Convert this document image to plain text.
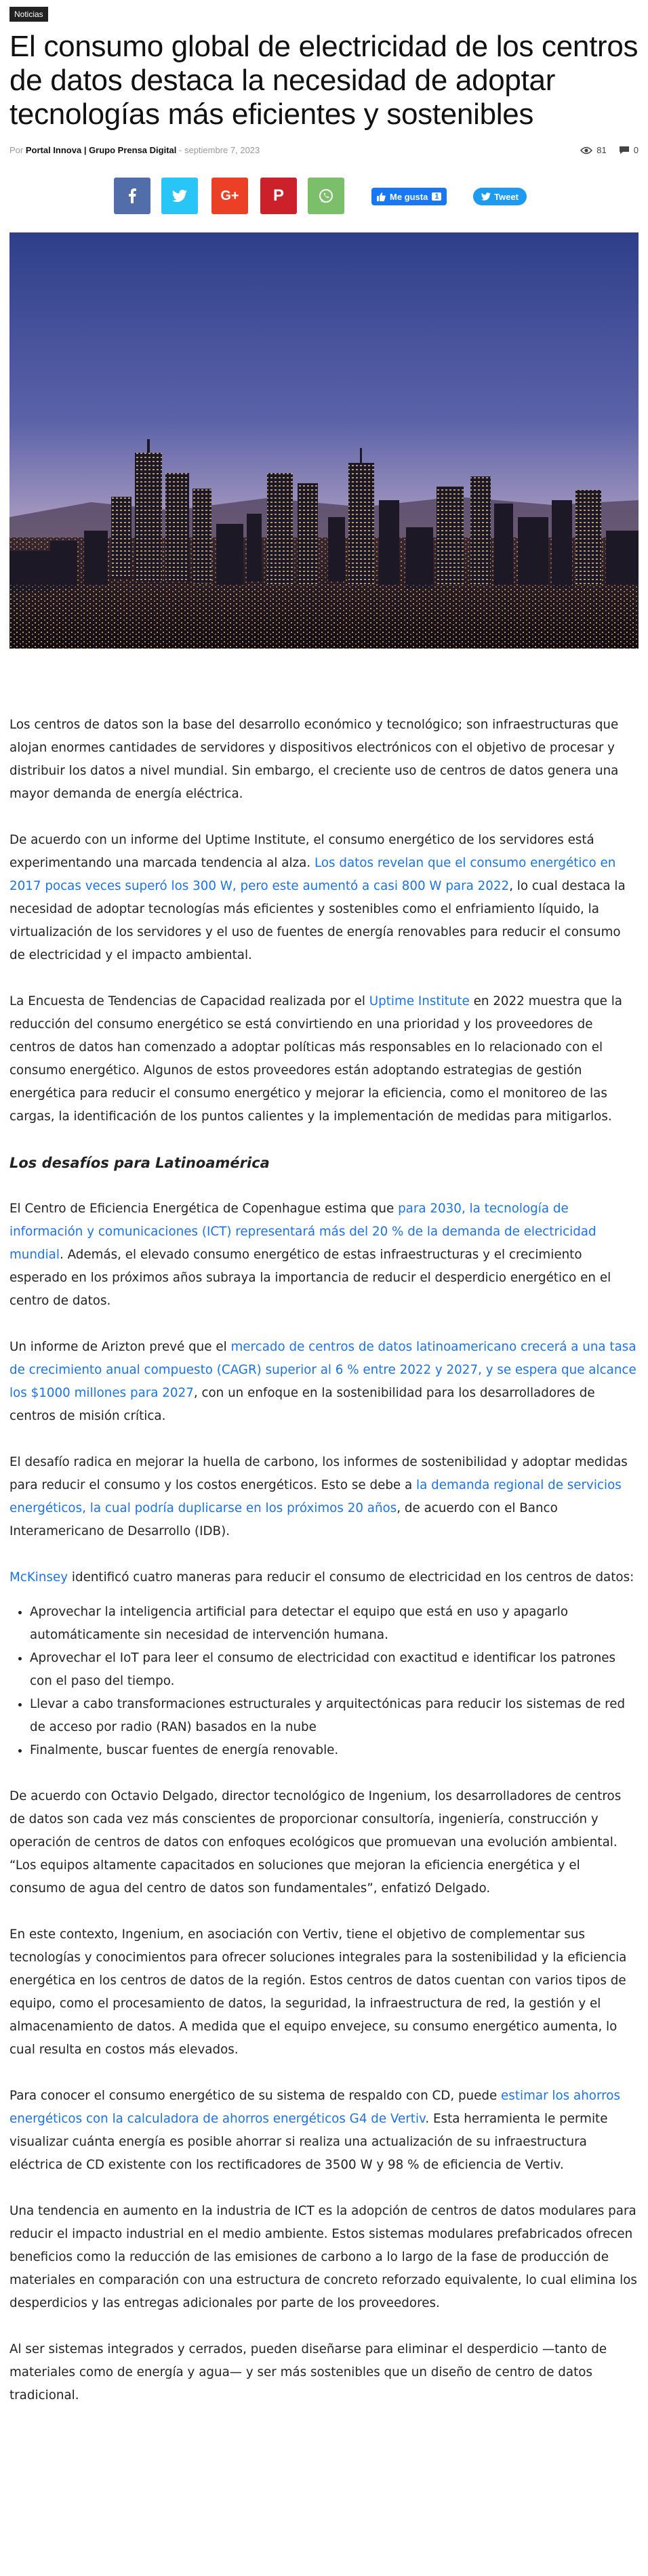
Noticias
El consumo global de electricidad de los centros de datos destaca la necesidad de adoptar tecnologías más eficientes y sostenibles
Por Portal Innova | Grupo Prensa Digital - septiembre 7, 2023	81	0
G+ P	Me gusta 1	Tweet

Los centros de datos son la base del desarrollo económico y tecnológico; son infraestructuras que alojan enormes cantidades de servidores y dispositivos electrónicos con el objetivo de procesar y distribuir los datos a nivel mundial. Sin embargo, el creciente uso de centros de datos genera una mayor demanda de energía eléctrica.

De acuerdo con un informe del Uptime Institute, el consumo energético de los servidores está experimentando una marcada tendencia al alza. Los datos revelan que el consumo energético en 2017 pocas veces superó los 300 W, pero este aumentó a casi 800 W para 2022, lo cual destaca la necesidad de adoptar tecnologías más eficientes y sostenibles como el enfriamiento líquido, la virtualización de los servidores y el uso de fuentes de energía renovables para reducir el consumo de electricidad y el impacto ambiental.

La Encuesta de Tendencias de Capacidad realizada por el Uptime Institute en 2022 muestra que la reducción del consumo energético se está convirtiendo en una prioridad y los proveedores de centros de datos han comenzado a adoptar políticas más responsables en lo relacionado con el consumo energético. Algunos de estos proveedores están adoptando estrategias de gestión energética para reducir el consumo energético y mejorar la eficiencia, como el monitoreo de las cargas, la identificación de los puntos calientes y la implementación de medidas para mitigarlos.

Los desafíos para Latinoamérica

El Centro de Eficiencia Energética de Copenhague estima que para 2030, la tecnología de información y comunicaciones (ICT) representará más del 20 % de la demanda de electricidad mundial. Además, el elevado consumo energético de estas infraestructuras y el crecimiento esperado en los próximos años subraya la importancia de reducir el desperdicio energético en el centro de datos.

Un informe de Arizton prevé que el mercado de centros de datos latinoamericano crecerá a una tasa de crecimiento anual compuesto (CAGR) superior al 6 % entre 2022 y 2027, y se espera que alcance los $1000 millones para 2027, con un enfoque en la sostenibilidad para los desarrolladores de centros de misión crítica.

El desafío radica en mejorar la huella de carbono, los informes de sostenibilidad y adoptar medidas para reducir el consumo y los costos energéticos. Esto se debe a la demanda regional de servicios energéticos, la cual podría duplicarse en los próximos 20 años, de acuerdo con el Banco Interamericano de Desarrollo (IDB).

McKinsey identificó cuatro maneras para reducir el consumo de electricidad en los centros de datos:

• Aprovechar la inteligencia artificial para detectar el equipo que está en uso y apagarlo automáticamente sin necesidad de intervención humana.
• Aprovechar el IoT para leer el consumo de electricidad con exactitud e identificar los patrones con el paso del tiempo.
• Llevar a cabo transformaciones estructurales y arquitectónicas para reducir los sistemas de red de acceso por radio (RAN) basados en la nube
• Finalmente, buscar fuentes de energía renovable.

De acuerdo con Octavio Delgado, director tecnológico de Ingenium, los desarrolladores de centros de datos son cada vez más conscientes de proporcionar consultoría, ingeniería, construcción y operación de centros de datos con enfoques ecológicos que promuevan una evolución ambiental. “Los equipos altamente capacitados en soluciones que mejoran la eficiencia energética y el consumo de agua del centro de datos son fundamentales”, enfatizó Delgado.

En este contexto, Ingenium, en asociación con Vertiv, tiene el objetivo de complementar sus tecnologías y conocimientos para ofrecer soluciones integrales para la sostenibilidad y la eficiencia energética en los centros de datos de la región. Estos centros de datos cuentan con varios tipos de equipo, como el procesamiento de datos, la seguridad, la infraestructura de red, la gestión y el almacenamiento de datos. A medida que el equipo envejece, su consumo energético aumenta, lo cual resulta en costos más elevados.

Para conocer el consumo energético de su sistema de respaldo con CD, puede estimar los ahorros energéticos con la calculadora de ahorros energéticos G4 de Vertiv. Esta herramienta le permite visualizar cuánta energía es posible ahorrar si realiza una actualización de su infraestructura eléctrica de CD existente con los rectificadores de 3500 W y 98 % de eficiencia de Vertiv.

Una tendencia en aumento en la industria de ICT es la adopción de centros de datos modulares para reducir el impacto industrial en el medio ambiente. Estos sistemas modulares prefabricados ofrecen beneficios como la reducción de las emisiones de carbono a lo largo de la fase de producción de materiales en comparación con una estructura de concreto reforzado equivalente, lo cual elimina los desperdicios y las entregas adicionales por parte de los proveedores.

Al ser sistemas integrados y cerrados, pueden diseñarse para eliminar el desperdicio —tanto de materiales como de energía y agua— y ser más sostenibles que un diseño de centro de datos tradicional.
